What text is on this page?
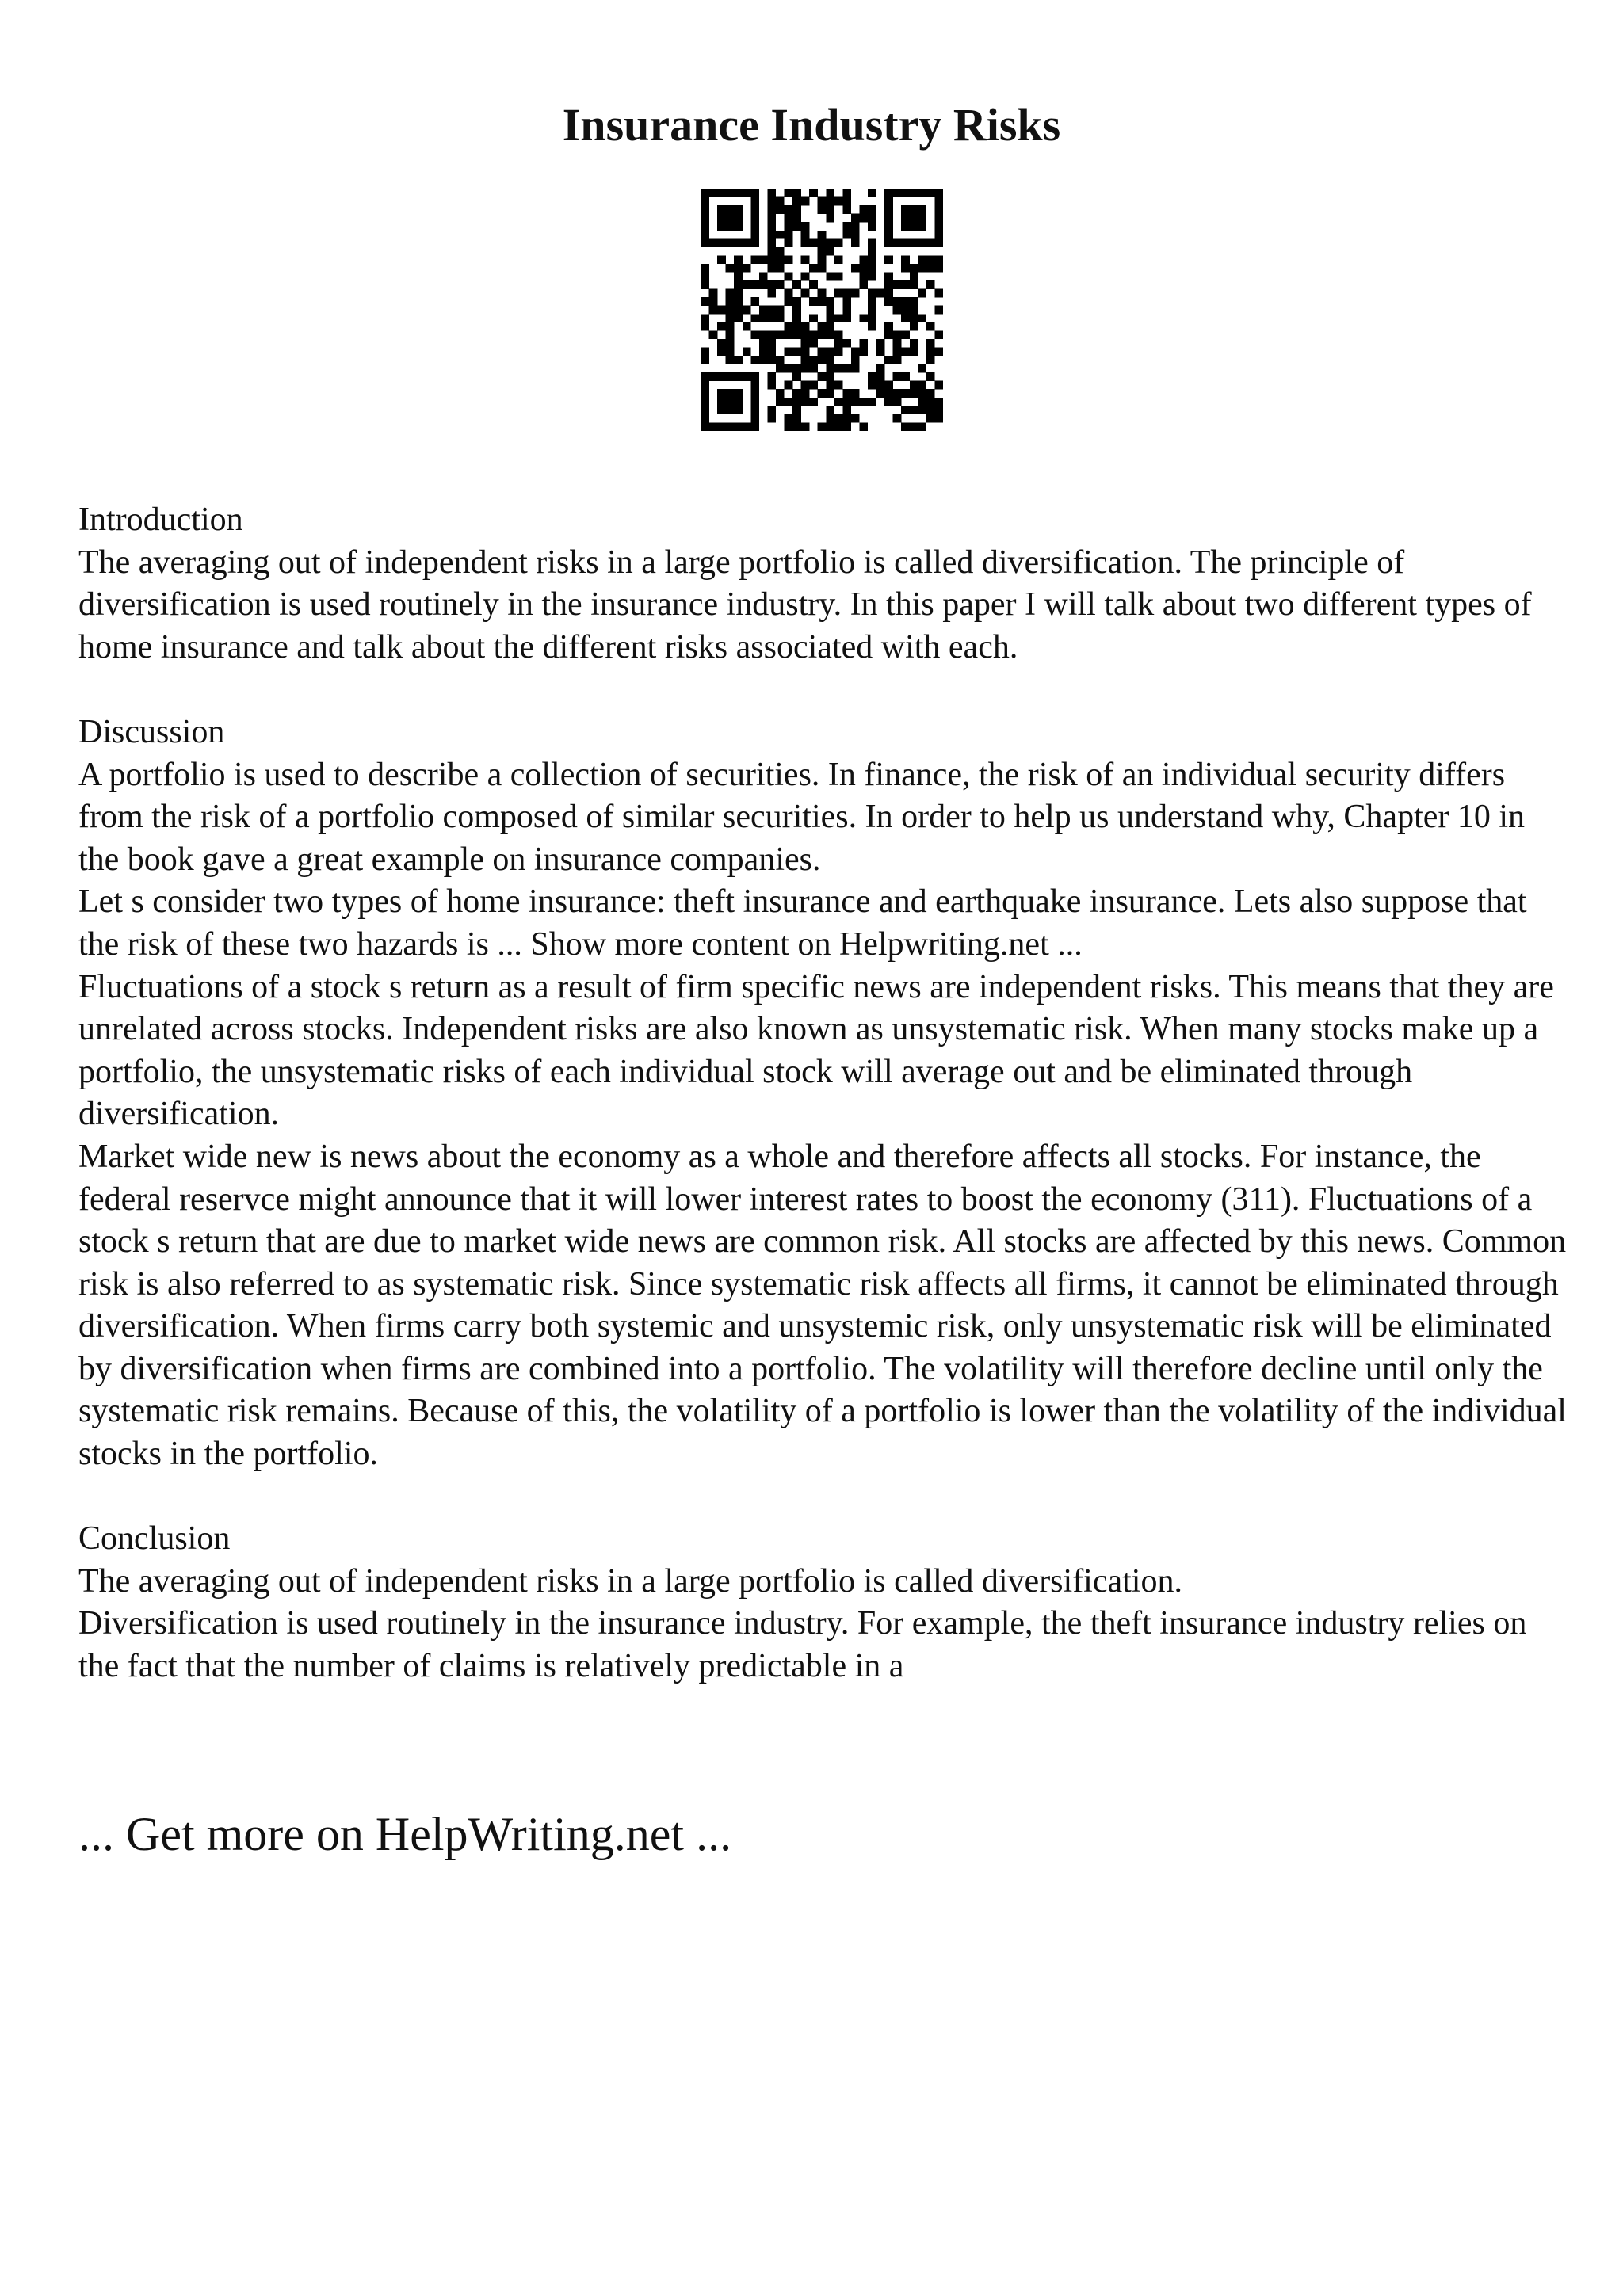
Insurance Industry Risks
Introduction

The averaging out of independent risks in a large portfolio is called diversification. The principle of diversification is used routinely in the insurance industry. In this paper I will talk about two different types of home insurance and talk about the different risks associated with each.

Discussion

A portfolio is used to describe a collection of securities. In finance, the risk of an individual security differs from the risk of a portfolio composed of similar securities. In order to help us understand why, Chapter 10 in the book gave a great example on insurance companies.

Let s consider two types of home insurance: theft insurance and earthquake insurance. Lets also suppose that the risk of these two hazards is ... Show more content on Helpwriting.net ...

Fluctuations of a stock s return as a result of firm specific news are independent risks. This means that they are unrelated across stocks. Independent risks are also known as unsystematic risk. When many stocks make up a portfolio, the unsystematic risks of each individual stock will average out and be eliminated through diversification.

Market wide new is news about the economy as a whole and therefore affects all stocks. For instance, the federal reservce might announce that it will lower interest rates to boost the economy (311). Fluctuations of a stock s return that are due to market wide news are common risk. All stocks are affected by this news. Common risk is also referred to as systematic risk. Since systematic risk affects all firms, it cannot be eliminated through diversification. When firms carry both systemic and unsystemic risk, only unsystematic risk will be eliminated by diversification when firms are combined into a portfolio. The volatility will therefore decline until only the systematic risk remains. Because of this, the volatility of a portfolio is lower than the volatility of the individual stocks in the portfolio.

Conclusion

The averaging out of independent risks in a large portfolio is called diversification.

Diversification is used routinely in the insurance industry. For example, the theft insurance industry relies on the fact that the number of claims is relatively predictable in a

... Get more on HelpWriting.net ...
